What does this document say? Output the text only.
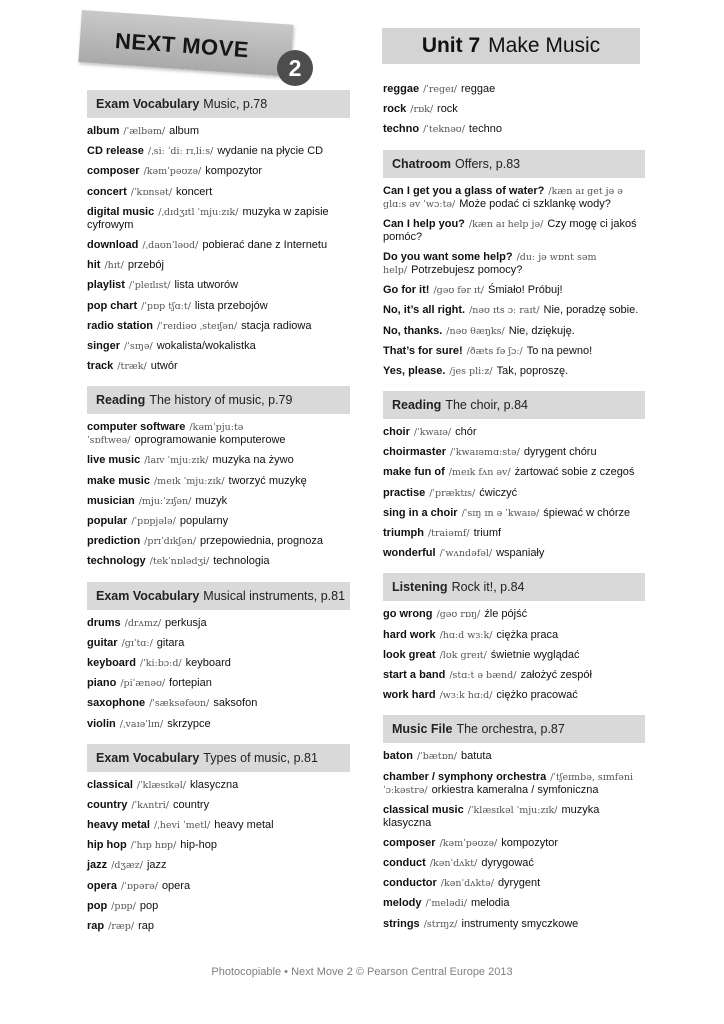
NEXT MOVE
2
Unit 7 Make Music
Exam Vocabulary Music, p.78
album /ˈælbəm/ album
CD release /ˌsiː ˈdiː rɪˌliːs/ wydanie na płycie CD
composer /kəmˈpəʊzə/ kompozytor
concert /ˈkɒnsət/ koncert
digital music /ˌdɪdʒɪtl ˈmjuːzɪk/ muzyka w zapisie cyfrowym
download /ˌdaʊnˈləʊd/ pobierać dane z Internetu
hit /hɪt/ przebój
playlist /ˈpleɪlɪst/ lista utworów
pop chart /ˈpɒp tʃɑːt/ lista przebojów
radio station /ˈreɪdiəʊ ˌsteɪʃən/ stacja radiowa
singer /ˈsɪŋə/ wokalista/wokalistka
track /træk/ utwór
Reading The history of music, p.79
computer software /kəmˈpjuːtə ˈsɒftweə/ oprogramowanie komputerowe
live music /laɪv ˈmjuːzɪk/ muzyka na żywo
make music /meɪk ˈmjuːzɪk/ tworzyć muzykę
musician /mjuːˈzɪʃən/ muzyk
popular /ˈpɒpjələ/ popularny
prediction /prɪˈdɪkʃən/ przepowiednia, prognoza
technology /tekˈnɒlədʒi/ technologia
Exam Vocabulary Musical instruments, p.81
drums /drʌmz/ perkusja
guitar /gɪˈtɑː/ gitara
keyboard /ˈkiːbɔːd/ keyboard
piano /piˈænəʊ/ fortepian
saxophone /ˈsæksəfəʊn/ saksofon
violin /ˌvaɪəˈlɪn/ skrzypce
Exam Vocabulary Types of music, p.81
classical /ˈklæsɪkəl/ klasyczna
country /ˈkʌntri/ country
heavy metal /ˌhevi ˈmetl/ heavy metal
hip hop /ˈhɪp hɒp/ hip-hop
jazz /dʒæz/ jazz
opera /ˈɒpərə/ opera
pop /pɒp/ pop
rap /ræp/ rap
reggae /ˈregeɪ/ reggae
rock /rɒk/ rock
techno /ˈteknəʊ/ techno
Chatroom Offers, p.83
Can I get you a glass of water? /kæn aɪ get jə ə glɑːs əv ˈwɔːtə/ Może podać ci szklankę wody?
Can I help you? /kæn aɪ help jə/ Czy mogę ci jakoś pomóc?
Do you want some help? /duː jə wɒnt səm help/ Potrzebujesz pomocy?
Go for it! /gəʊ fər ɪt/ Śmiało! Próbuj!
No, it’s all right. /nəʊ ɪts ɔː raɪt/ Nie, poradzę sobie.
No, thanks. /nəʊ θæŋks/ Nie, dziękuję.
That’s for sure! /ðæts fə ʃɔː/ To na pewno!
Yes, please. /jes pliːz/ Tak, poproszę.
Reading The choir, p.84
choir /ˈkwaɪə/ chór
choirmaster /ˈkwaɪəmɑːstə/ dyrygent chóru
make fun of /meɪk fʌn əv/ żartować sobie z czegoś
practise /ˈpræktɪs/ ćwiczyć
sing in a choir /ˈsɪŋ ɪn ə ˈkwaɪə/ śpiewać w chórze
triumph /traiəmf/ triumf
wonderful /ˈwʌndəfəl/ wspaniały
Listening Rock it!, p.84
go wrong /gəʊ rɒŋ/ źle pójść
hard work /hɑːd wɜːk/ ciężka praca
look great /lʊk greɪt/ świetnie wyglądać
start a band /stɑːt ə bænd/ założyć zespół
work hard /wɜːk hɑːd/ ciężko pracować
Music File The orchestra, p.87
baton /ˈbætɒn/ batuta
chamber / symphony orchestra /ˈtʃeɪmbə, sɪmfəni ˈɔːkəstrə/ orkiestra kameralna / symfoniczna
classical music /ˈklæsɪkəl ˈmjuːzɪk/ muzyka klasyczna
composer /kəmˈpəʊzə/ kompozytor
conduct /kənˈdʌkt/ dyrygować
conductor /kənˈdʌktə/ dyrygent
melody /ˈmelədi/ melodia
strings /strɪŋz/ instrumenty smyczkowe
Photocopiable • Next Move 2 © Pearson Central Europe 2013
